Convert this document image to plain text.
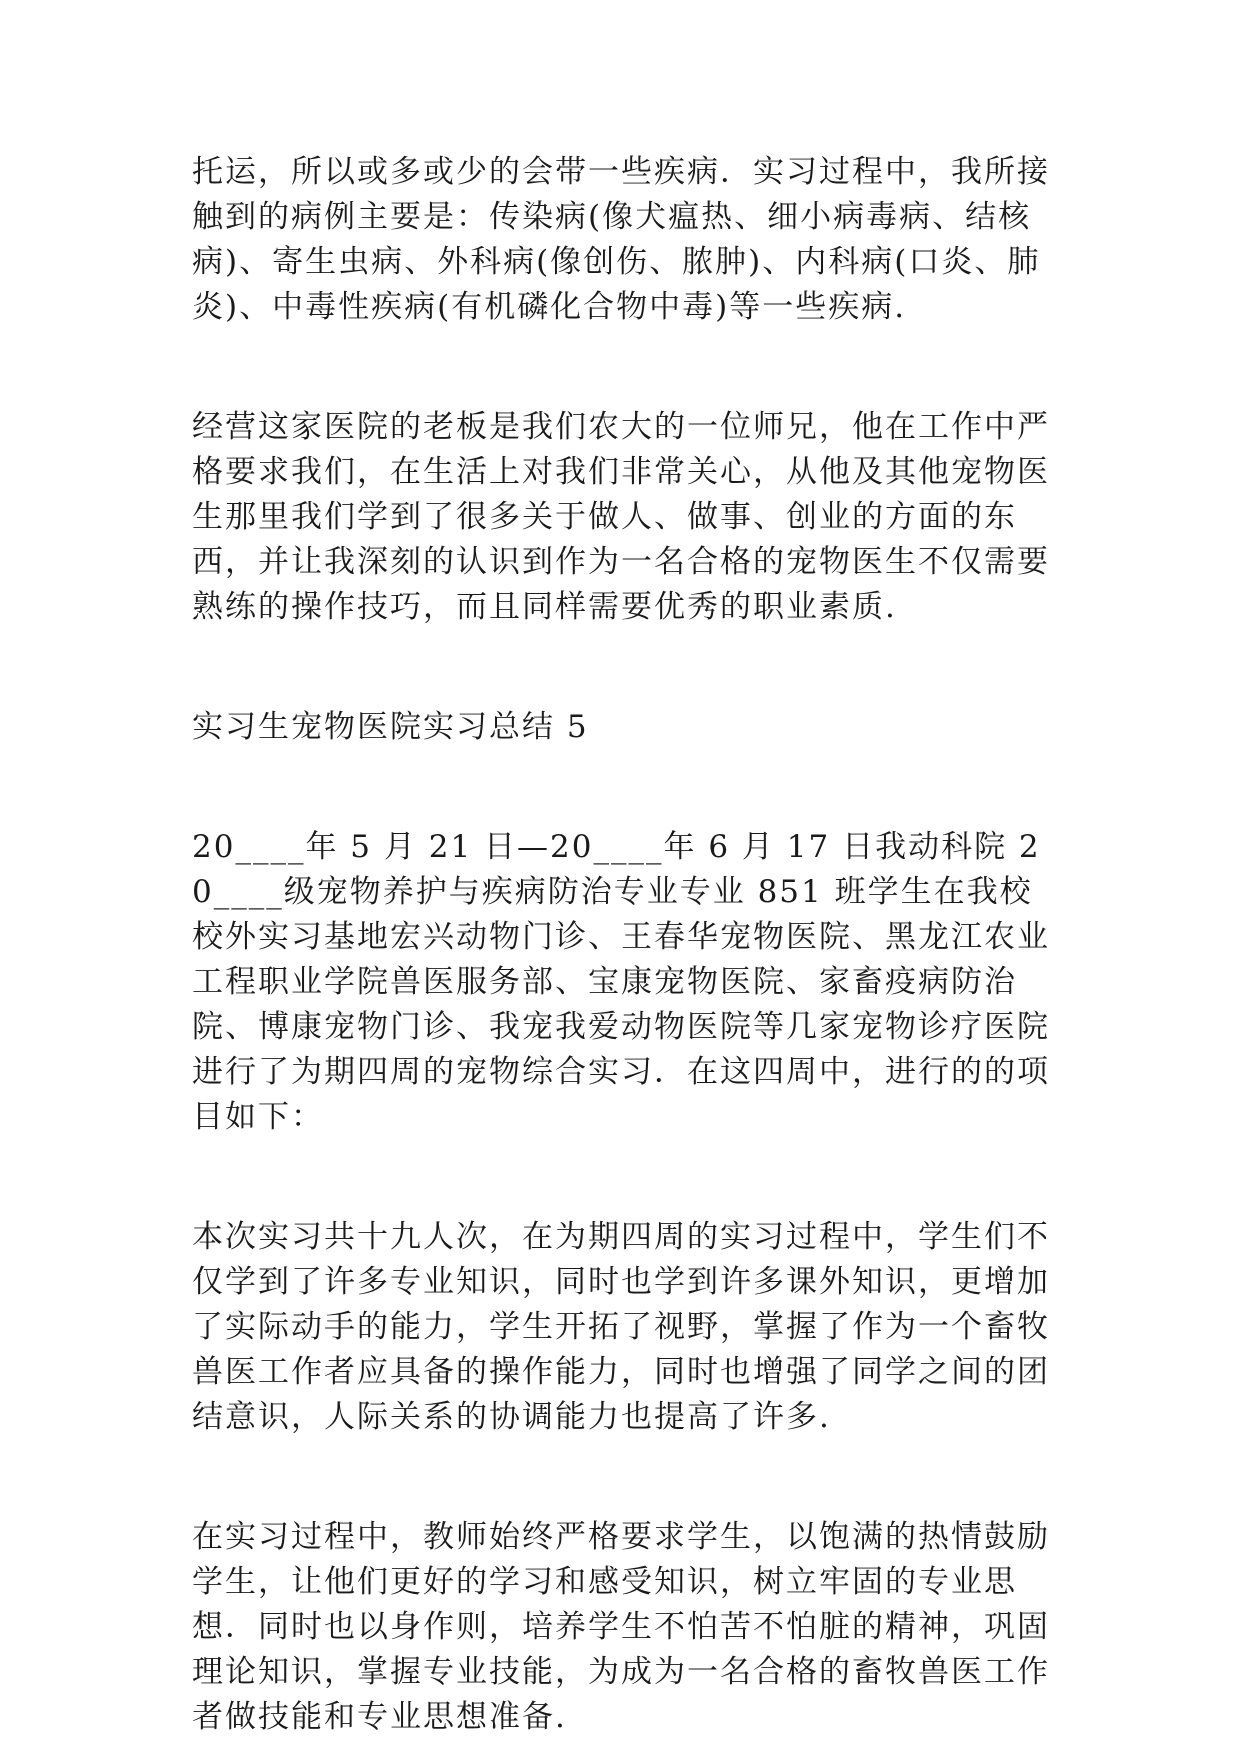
托运，所以或多或少的会带一些疾病．实习过程中，我所接触到的病例主要是：传染病(像犬瘟热、细小病毒病、结核病)、寄生虫病、外科病(像创伤、脓肿)、内科病(口炎、肺炎)、中毒性疾病(有机磷化合物中毒)等一些疾病.

经营这家医院的老板是我们农大的一位师兄，他在工作中严格要求我们，在生活上对我们非常关心，从他及其他宠物医生那里我们学到了很多关于做人、做事、创业的方面的东西，并让我深刻的认识到作为一名合格的宠物医生不仅需要熟练的操作技巧，而且同样需要优秀的职业素质.

实习生宠物医院实习总结 5

20____年 5 月 21 日—20____年 6 月 17 日我动科院 20____级宠物养护与疾病防治专业专业 851 班学生在我校校外实习基地宏兴动物门诊、王春华宠物医院、黑龙江农业工程职业学院兽医服务部、宝康宠物医院、家畜疫病防治院、博康宠物门诊、我宠我爱动物医院等几家宠物诊疗医院进行了为期四周的宠物综合实习．在这四周中，进行的的项目如下：

本次实习共十九人次，在为期四周的实习过程中，学生们不仅学到了许多专业知识，同时也学到许多课外知识，更增加了实际动手的能力，学生开拓了视野，掌握了作为一个畜牧兽医工作者应具备的操作能力，同时也增强了同学之间的团结意识，人际关系的协调能力也提高了许多.

在实习过程中，教师始终严格要求学生，以饱满的热情鼓励学生，让他们更好的学习和感受知识，树立牢固的专业思想．同时也以身作则，培养学生不怕苦不怕脏的精神，巩固理论知识，掌握专业技能，为成为一名合格的畜牧兽医工作者做技能和专业思想准备.
